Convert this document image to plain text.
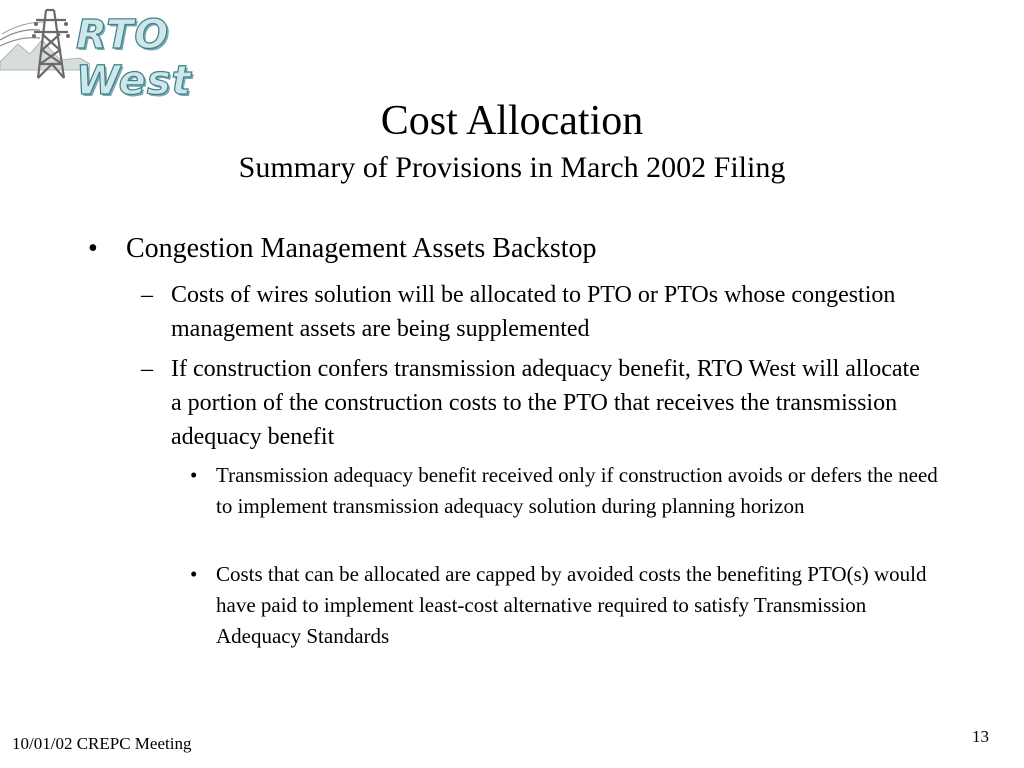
RTO West
Cost Allocation
Summary of Provisions in March 2002 Filing
• Congestion Management Assets Backstop
– Costs of wires solution will be allocated to PTO or PTOs whose congestion management assets are being supplemented
– If construction confers transmission adequacy benefit, RTO West will allocate a portion of the construction costs to the PTO that receives the transmission adequacy benefit
• Transmission adequacy benefit received only if construction avoids or defers the need to implement transmission adequacy solution during planning horizon
• Costs that can be allocated are capped by avoided costs the benefiting PTO(s) would have paid to implement least-cost alternative required to satisfy Transmission Adequacy Standards
10/01/02 CREPC Meeting	13
